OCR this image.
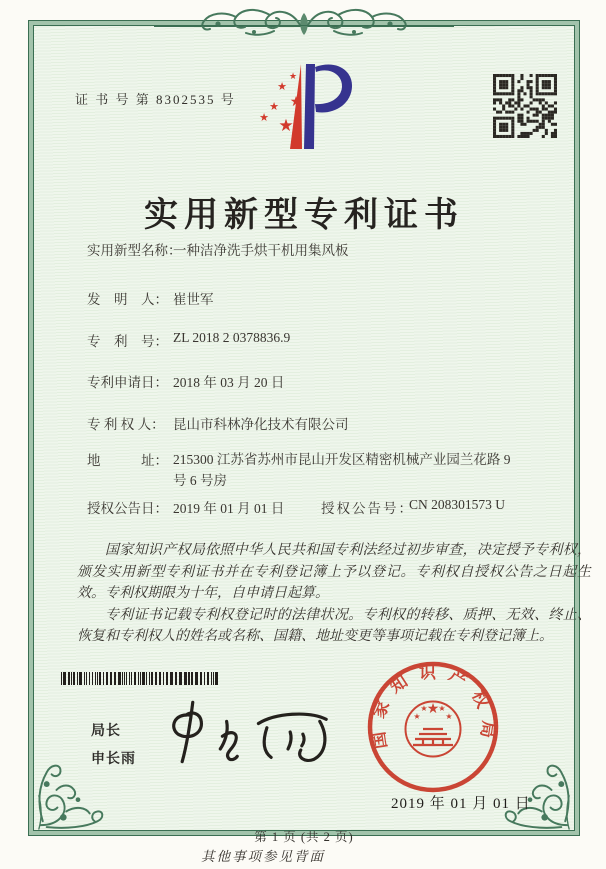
证 书 号 第 8302535 号
★
★
★
★
★ ★
实用新型专利证书
实用新型名称：
一种洁净洗手烘干机用集风板
发　明　人： 崔世军
专　利　号： ZL 2018 2 0378836.9
专利申请日： 2018 年 03 月 20 日
专 利 权 人： 昆山市科林净化技术有限公司
地　　　址： 215300 江苏省苏州市昆山开发区精密机械产业园兰花路 9
号 6 号房
授权公告日： 2019 年 01 月 01 日	授权公告号：
CN 208301573 U

国家知识产权局依照中华人民共和国专利法经过初步审查，决定授予专利权，颁发实用新型专利证书并在专利登记簿上予以登记。专利权自授权公告之日起生效。专利权期限为十年，自申请日起算。

专利证书记载专利权登记时的法律状况。专利权的转移、质押、无效、终止、恢复和专利权人的姓名或名称、国籍、地址变更等事项记载在专利登记簿上。

局长
申长雨
国家知识产权局
★
★
★ ★
★
2019 年 01 月 01 日
第 1 页 (共 2 页)
其他事项参见背面
